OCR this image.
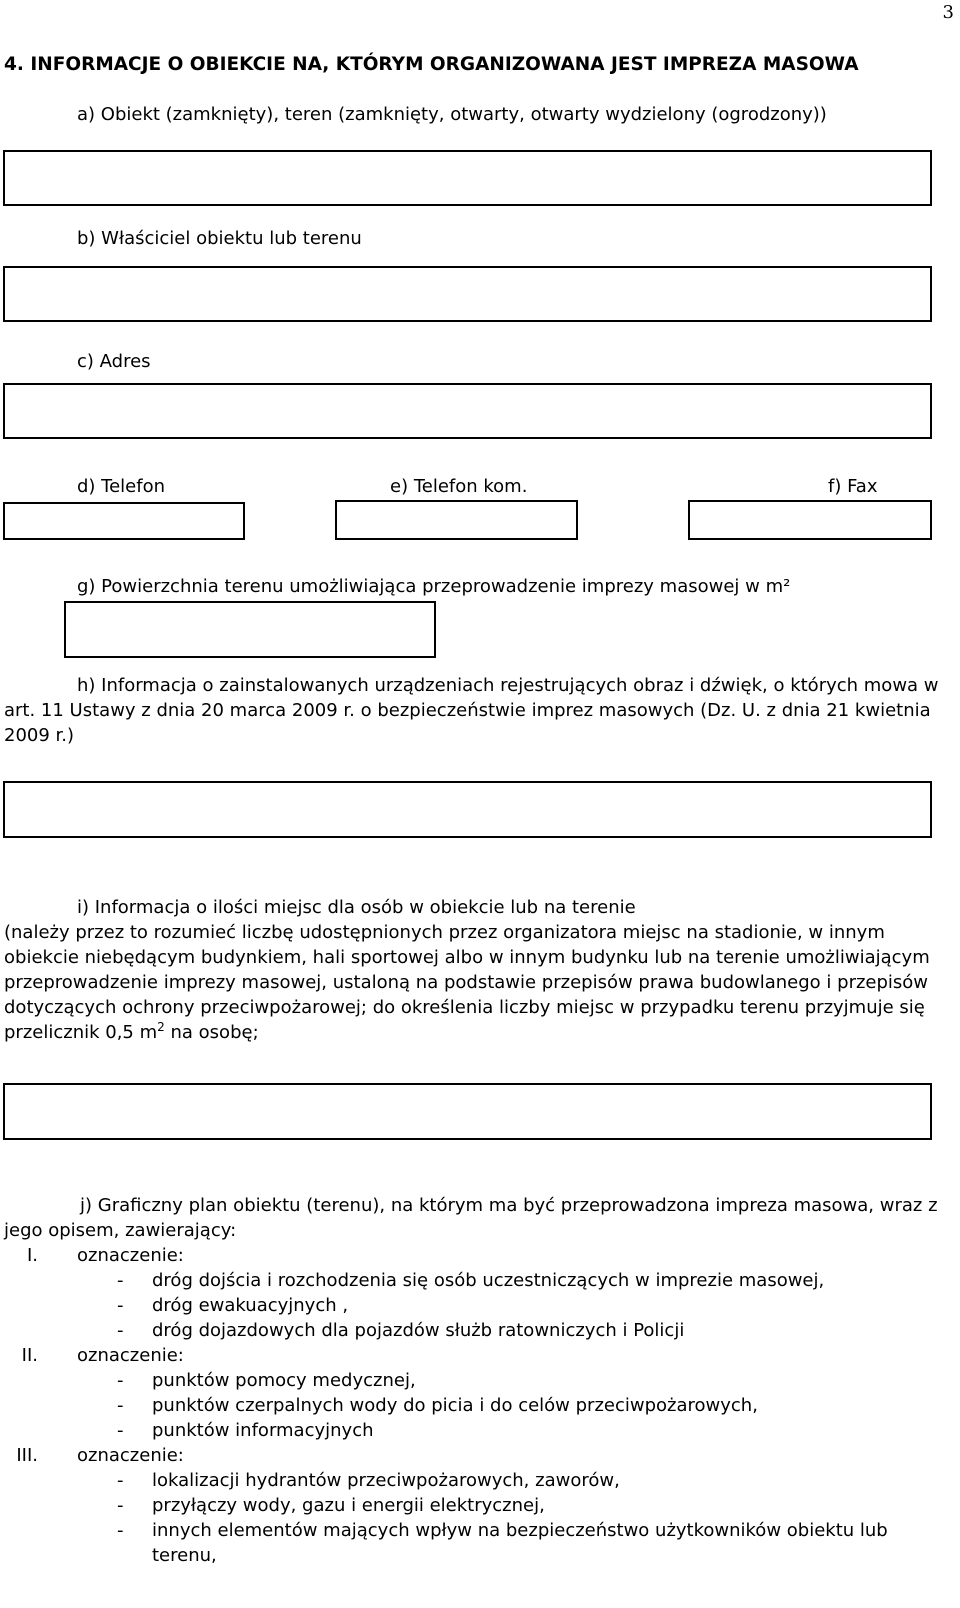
3
4. INFORMACJE O OBIEKCIE NA, KTÓRYM ORGANIZOWANA JEST IMPREZA MASOWA
a) Obiekt (zamknięty), teren (zamknięty, otwarty, otwarty wydzielony (ogrodzony))
b) Właściciel obiektu lub terenu
c) Adres
d) Telefon	e) Telefon kom.	f) Fax
g) Powierzchnia terenu umożliwiająca przeprowadzenie imprezy masowej w m²
h) Informacja o zainstalowanych urządzeniach rejestrujących obraz i dźwięk, o których mowa w art. 11 Ustawy z dnia 20 marca 2009 r. o bezpieczeństwie imprez masowych (Dz. U. z dnia 21 kwietnia 2009 r.)
i) Informacja o ilości miejsc dla osób w obiekcie lub na terenie
(należy przez to rozumieć liczbę udostępnionych przez organizatora miejsc na stadionie, w innym obiekcie niebędącym budynkiem, hali sportowej albo w innym budynku lub na terenie umożliwiającym przeprowadzenie imprezy masowej, ustaloną na podstawie przepisów prawa budowlanego i przepisów dotyczących ochrony przeciwpożarowej; do określenia liczby miejsc w przypadku terenu przyjmuje się przelicznik 0,5 $m^2$ na osobę;
j) Graficzny plan obiektu (terenu), na którym ma być przeprowadzona impreza masowa, wraz z jego opisem, zawierający:
I. oznaczenie:
- dróg dojścia i rozchodzenia się osób uczestniczących w imprezie masowej,
- dróg ewakuacyjnych ,
- dróg dojazdowych dla pojazdów służb ratowniczych i Policji
II. oznaczenie:
- punktów pomocy medycznej,
- punktów czerpalnych wody do picia i do celów przeciwpożarowych,
- punktów informacyjnych
III. oznaczenie:
- lokalizacji hydrantów przeciwpożarowych, zaworów,
- przyłączy wody, gazu i energii elektrycznej,
- innych elementów mających wpływ na bezpieczeństwo użytkowników obiektu lub terenu,
